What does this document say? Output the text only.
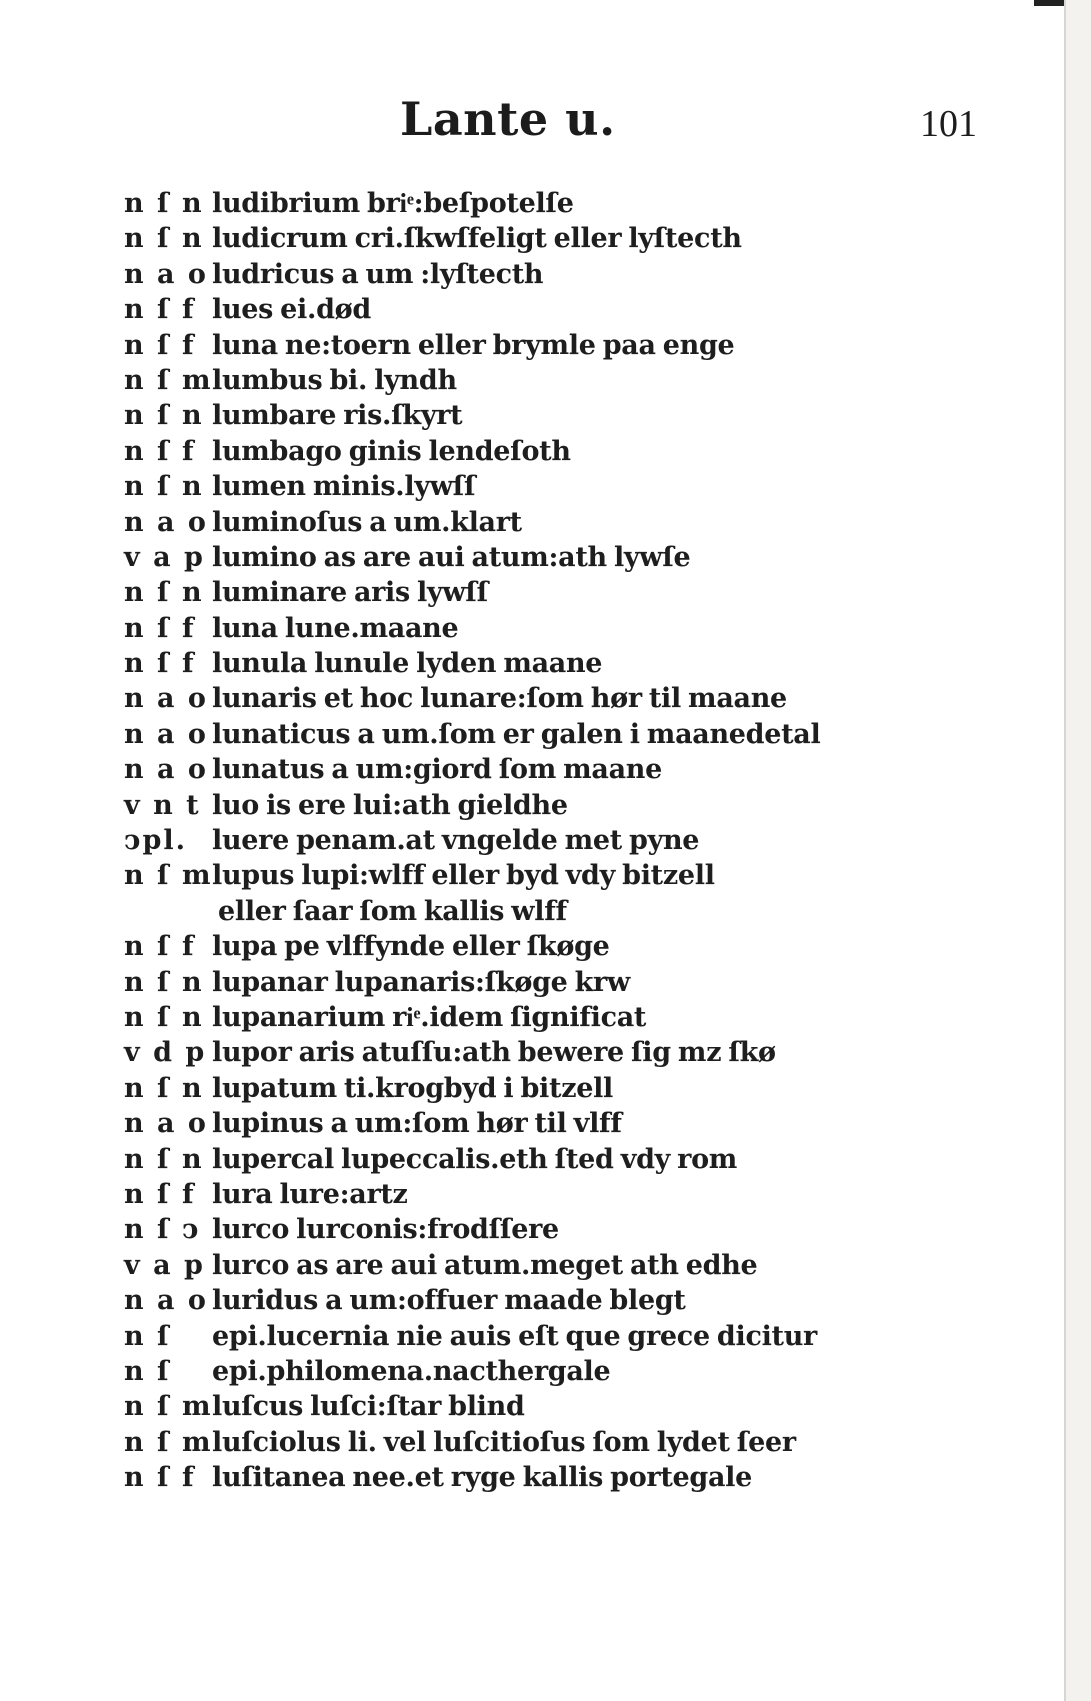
Lante u.	101
n ſ n ludibrium briͤ:beſpotelſe
n ſ n ludicrum cri.ſkwſfeligt eller lyſtecth
n a o ludricus a um :lyſtecth
n ſ f lues ei.død
n ſ f luna ne:toern eller brymle paa enge
n ſ m lumbus bi. lyndh
n ſ n lumbare ris.ſkyrt
n ſ f lumbago ginis lendeſoth
n ſ n lumen minis.lywſſ
n a o luminoſus a um.klart
v a p lumino as are aui atum:ath lywſe
n ſ n luminare aris lywſſ
n ſ f luna lune.maane
n ſ f lunula lunule lyden maane
n a o lunaris et hoc lunare:ſom hør til maane
n a o lunaticus a um.ſom er galen i maanedetal
n a o lunatus a um:giord ſom maane
v n t luo is ere lui:ath gieldhe
ↄpl. luere penam.at vngelde met pyne
n ſ m lupus lupi:wlff eller byd vdy bitzell
eller ſaar ſom kallis wlff
n ſ f lupa pe vlffynde eller ſkøge
n ſ n lupanar lupanaris:ſkøge krw
n ſ n lupanarium riͤ.idem ſignificat
v d p lupor aris atuſſu:ath bewere ſig mz ſkø
n ſ n lupatum ti.krogbyd i bitzell
n a o lupinus a um:ſom hør til vlff
n ſ n lupercal lupeccalis.eth ſted vdy rom
n ſ f lura lure:artz
n ſ ↄ lurco lurconis:frodſſere
v a p lurco as are aui atum.meget ath edhe
n a o luridus a um:offuer maade blegt
n ſ	epi.lucernia nie auis eſt que grece dicitur
n ſ	epi.philomena.nacthergale
n ſ m luſcus luſci:ſtar blind
n ſ m luſciolus li. vel luſcitioſus ſom lydet ſeer
n ſ f luſitanea nee.et ryge kallis portegale
